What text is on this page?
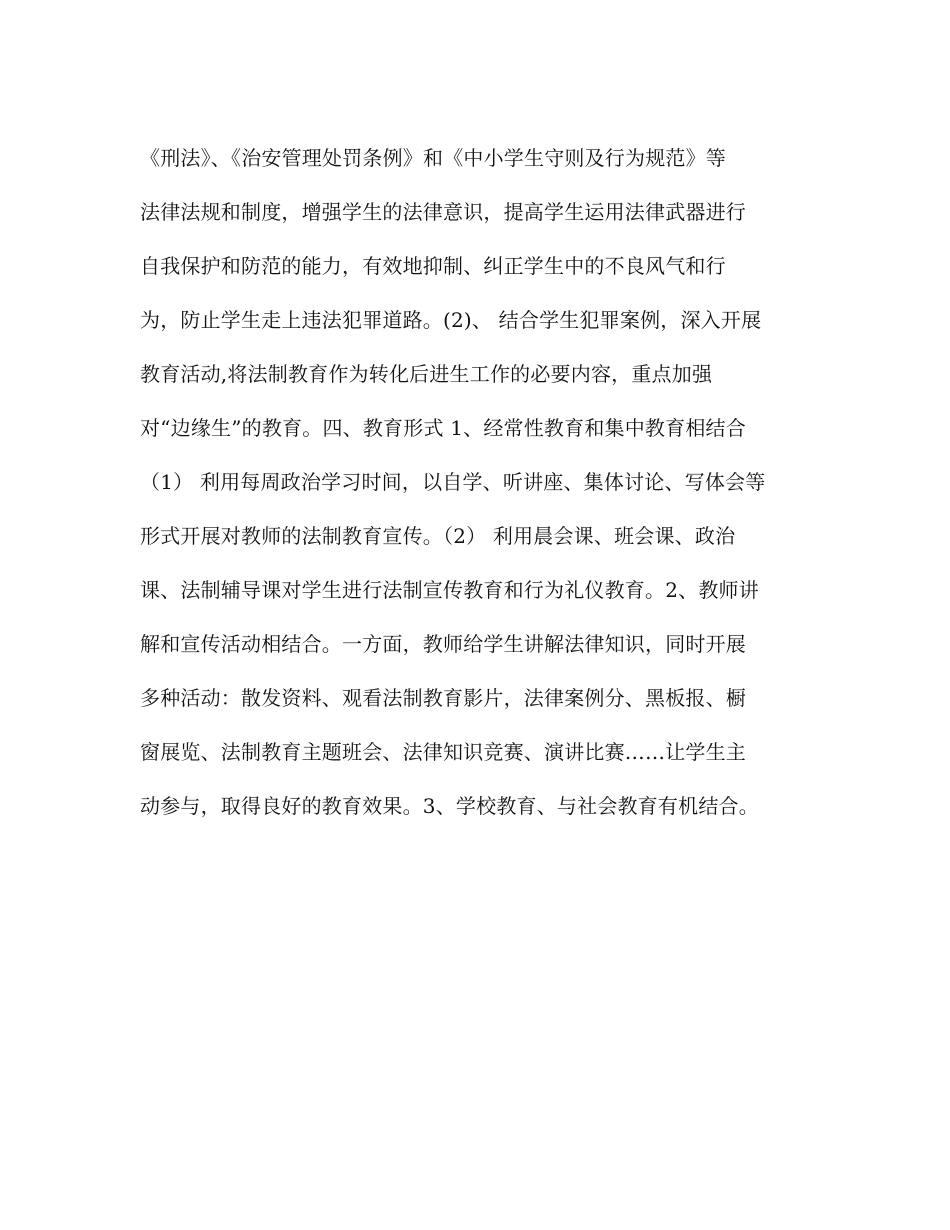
《刑法》、《治安管理处罚条例》和《中小学生守则及行为规范》等
法律法规和制度，增强学生的法律意识，提高学生运用法律武器进行
自我保护和防范的能力，有效地抑制、纠正学生中的不良风气和行
为，防止学生走上违法犯罪道路。(2)、 结合学生犯罪案例，深入开展
教育活动,将法制教育作为转化后进生工作的必要内容，重点加强
对“边缘生”的教育。四、教育形式 1、经常性教育和集中教育相结合
（1） 利用每周政治学习时间，以自学、听讲座、集体讨论、写体会等
形式开展对教师的法制教育宣传。（2） 利用晨会课、班会课、政治
课、法制辅导课对学生进行法制宣传教育和行为礼仪教育。2、教师讲
解和宣传活动相结合。一方面，教师给学生讲解法律知识，同时开展
多种活动：散发资料、观看法制教育影片，法律案例分、黑板报、橱
窗展览、法制教育主题班会、法律知识竞赛、演讲比赛……让学生主
动参与，取得良好的教育效果。3、学校教育、与社会教育有机结合。
